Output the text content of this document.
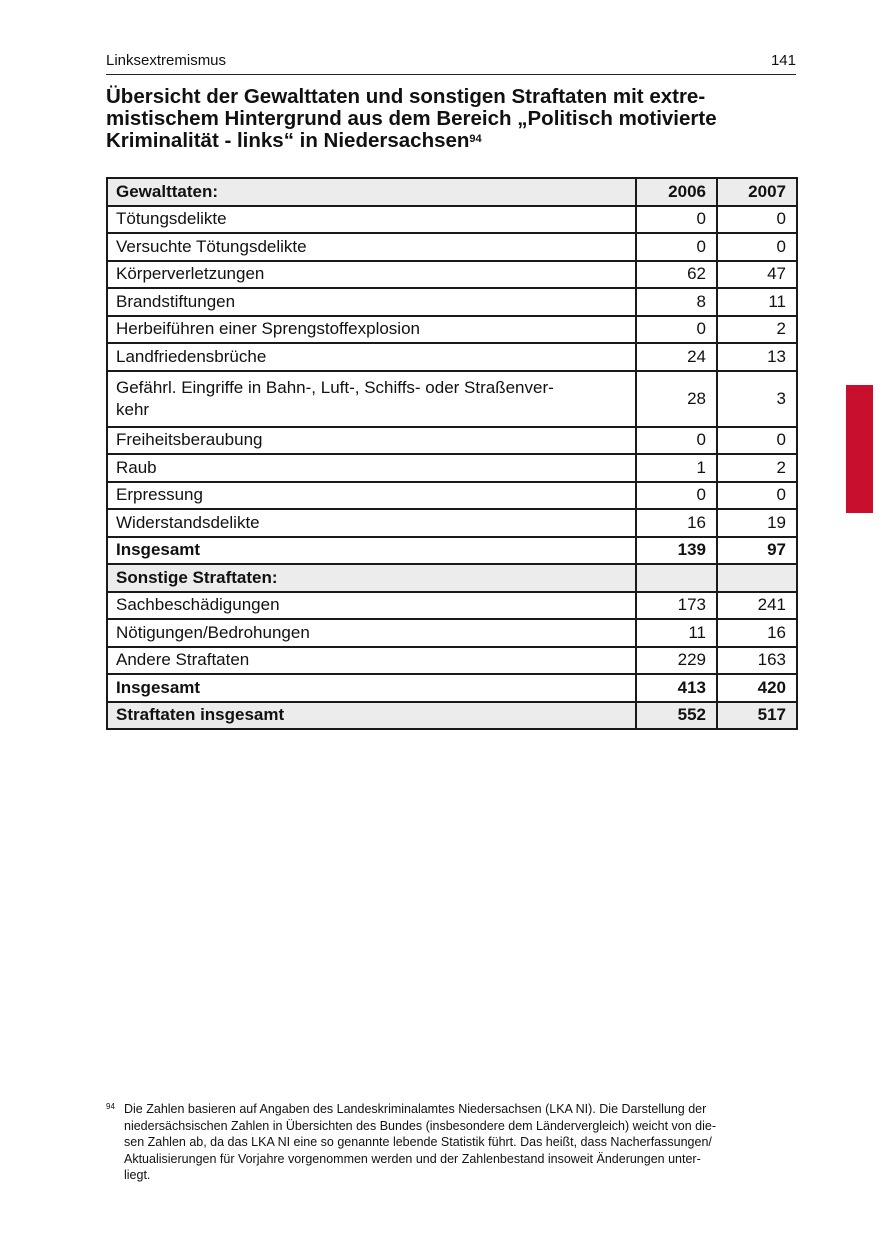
Linksextremismus	141
Übersicht der Gewalttaten und sonstigen Straftaten mit extre-
mistischem Hintergrund aus dem Bereich „Politisch motivierte
Kriminalität - links“ in Niedersachsen$^{94}$
Gewalttaten:	2006	2007
Tötungsdelikte	0	0
Versuchte Tötungsdelikte	0	0
Körperverletzungen	62	47
Brandstiftungen	8	11
Herbeiführen einer Sprengstoffexplosion	0	2
Landfriedensbrüche	24	13

Gefährl. Eingriffe in Bahn-, Luft-, Schiffs- oder Straßenver-
kehr	28	3
Freiheitsberaubung	0	0
Raub	1	2
Erpressung	0	0
Widerstandsdelikte	16	19
Insgesamt	139	97
Sonstige Straftaten:		
Sachbeschädigungen	173	241
Nötigungen/Bedrohungen	11	16
Andere Straftaten	229	163
Insgesamt	413	420
Straftaten insgesamt	552	517
94 Die Zahlen basieren auf Angaben des Landeskriminalamtes Niedersachsen (LKA NI). Die Darstellung der
niedersächsischen Zahlen in Übersichten des Bundes (insbesondere dem Ländervergleich) weicht von die-
sen Zahlen ab, da das LKA NI eine so genannte lebende Statistik führt. Das heißt, dass Nacherfassungen/
Aktualisierungen für Vorjahre vorgenommen werden und der Zahlenbestand insoweit Änderungen unter-
liegt.
